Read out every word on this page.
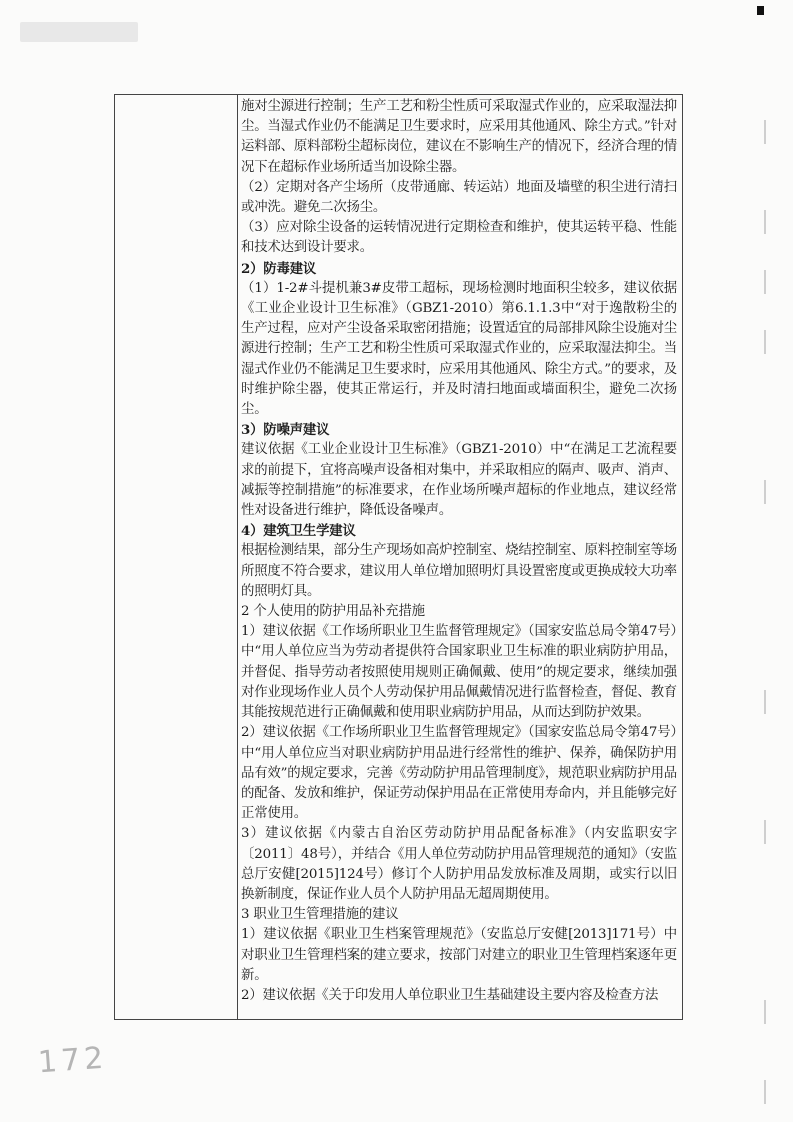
施对尘源进行控制；生产工艺和粉尘性质可采取湿式作业的，应采取湿法抑尘。当湿式作业仍不能满足卫生要求时，应采用其他通风、除尘方式。”针对运料部、原料部粉尘超标岗位，建议在不影响生产的情况下，经济合理的情况下在超标作业场所适当加设除尘器。

（2）定期对各产尘场所（皮带通廊、转运站）地面及墙壁的积尘进行清扫或冲洗。避免二次扬尘。

（3）应对除尘设备的运转情况进行定期检查和维护，使其运转平稳、性能和技术达到设计要求。

2）防毒建议

（1）1-2#斗提机兼3#皮带工超标，现场检测时地面积尘较多，建议依据《工业企业设计卫生标准》（GBZ1-2010）第6.1.1.3中“对于逸散粉尘的生产过程，应对产尘设备采取密闭措施；设置适宜的局部排风除尘设施对尘源进行控制；生产工艺和粉尘性质可采取湿式作业的，应采取湿法抑尘。当湿式作业仍不能满足卫生要求时，应采用其他通风、除尘方式。”的要求，及时维护除尘器，使其正常运行，并及时清扫地面或墙面积尘，避免二次扬尘。

3）防噪声建议

建议依据《工业企业设计卫生标准》（GBZ1-2010）中“在满足工艺流程要求的前提下，宜将高噪声设备相对集中，并采取相应的隔声、吸声、消声、减振等控制措施”的标准要求，在作业场所噪声超标的作业地点，建议经常性对设备进行维护，降低设备噪声。

4）建筑卫生学建议

根据检测结果，部分生产现场如高炉控制室、烧结控制室、原料控制室等场所照度不符合要求，建议用人单位增加照明灯具设置密度或更换成较大功率的照明灯具。

2 个人使用的防护用品补充措施

1）建议依据《工作场所职业卫生监督管理规定》（国家安监总局令第47号）中“用人单位应当为劳动者提供符合国家职业卫生标准的职业病防护用品，并督促、指导劳动者按照使用规则正确佩戴、使用”的规定要求，继续加强对作业现场作业人员个人劳动保护用品佩戴情况进行监督检查，督促、教育其能按规范进行正确佩戴和使用职业病防护用品，从而达到防护效果。

2）建议依据《工作场所职业卫生监督管理规定》（国家安监总局令第47号）中“用人单位应当对职业病防护用品进行经常性的维护、保养，确保防护用品有效”的规定要求，完善《劳动防护用品管理制度》，规范职业病防护用品的配备、发放和维护，保证劳动保护用品在正常使用寿命内，并且能够完好正常使用。

3）建议依据《内蒙古自治区劳动防护用品配备标准》（内安监职安字〔2011〕48号），并结合《用人单位劳动防护用品管理规范的通知》（安监总厅安健[2015]124号）修订个人防护用品发放标准及周期，或实行以旧换新制度，保证作业人员个人防护用品无超周期使用。

3 职业卫生管理措施的建议

1）建议依据《职业卫生档案管理规范》（安监总厅安健[2013]171号）中对职业卫生管理档案的建立要求，按部门对建立的职业卫生管理档案逐年更新。

2）建议依据《关于印发用人单位职业卫生基础建设主要内容及检查方法

172
